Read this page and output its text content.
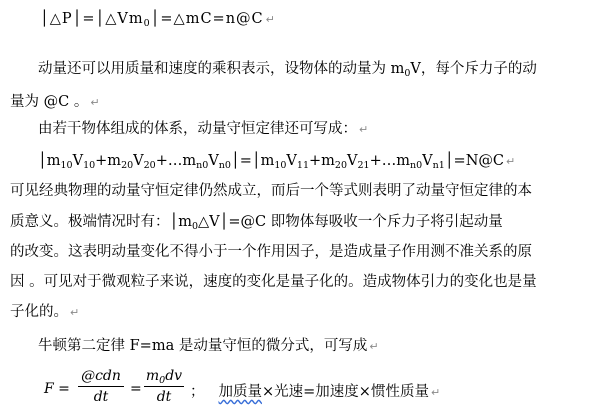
$│\triangle P│=│\triangle Vm_0│=\triangle mC=n@C$ ↵
动量还可以用质量和速度的乘积表示，设物体的动量为 $m_0V$，每个斥力子的动
量为 @C 。 ↵
由若干物体组成的体系，动量守恒定律还可写成： ↵
$│m_{10}V_{10}+m_{20}V_{20}+\dots m_{n0}V_{n0}│=│m_{10}V_{11}+m_{20}V_{21}+\dots m_{n0}V_{n1}│=N@C$ ↵
可见经典物理的动量守恒定律仍然成立，而后一个等式则表明了动量守恒定律的本
质意义。极端情况时有：$│m_0\triangle V│=@C$ 即物体每吸收一个斥力子将引起动量
的改变。这表明动量变化不得小于一个作用因子，是造成量子作用测不准关系的原
因 。可见对于微观粒子来说，速度的变化是量子化的。造成物体引力的变化也是量
子化的。 ↵
牛顿第二定律 F=ma 是动量守恒的微分式，可写成 ↵
F =
@cdn
dt	=
$m_0dv$
dt	； 加质量×光速=加速度×惯性质量 ↵
